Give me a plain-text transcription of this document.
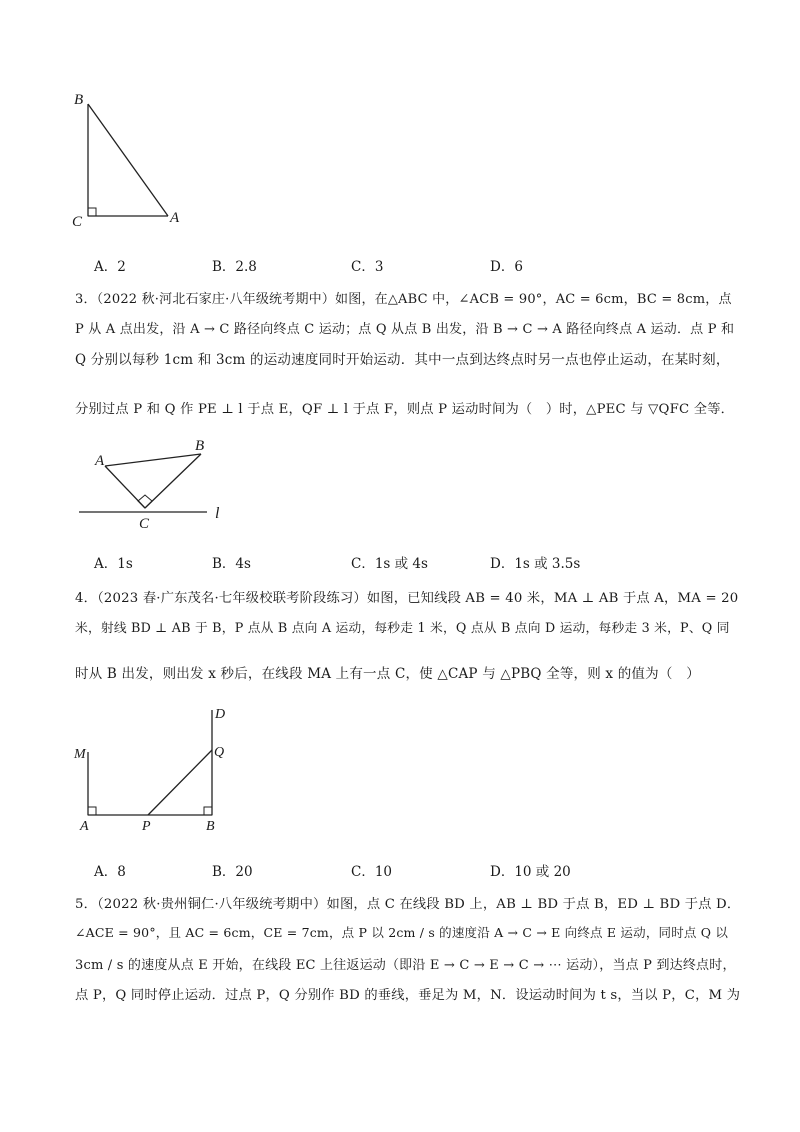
B
C	A
A．2	B．2.8	C．3	D．6
3．（2022 秋·河北石家庄·八年级统考期中）如图，在△ABC 中，∠ACB = 90°，AC = 6cm，BC = 8cm，点
P 从 A 点出发，沿 A → C 路径向终点 C 运动；点 Q 从点 B 出发，沿 B → C → A 路径向终点 A 运动．点 P 和
Q 分别以每秒 1cm 和 3cm 的运动速度同时开始运动．其中一点到达终点时另一点也停止运动，在某时刻，
分别过点 P 和 Q 作 PE ⊥ l 于点 E，QF ⊥ l 于点 F，则点 P 运动时间为（　）时，△PEC 与 ▽QFC 全等．
A
B
C
l
A．1s	B．4s	C．1s 或 4s	D．1s 或 3.5s
4．（2023 春·广东茂名·七年级校联考阶段练习）如图，已知线段 AB = 40 米，MA ⊥ AB 于点 A，MA = 20
米，射线 BD ⊥ AB 于 B，P 点从 B 点向 A 运动，每秒走 1 米，Q 点从 B 点向 D 运动，每秒走 3 米，P、Q 同
时从 B 出发，则出发 x 秒后，在线段 MA 上有一点 C，使 △CAP 与 △PBQ 全等，则 x 的值为（　）
D
M	Q
A	P	B
A．8	B．20	C．10	D．10 或 20
5．（2022 秋·贵州铜仁·八年级统考期中）如图，点 C 在线段 BD 上，AB ⊥ BD 于点 B，ED ⊥ BD 于点 D．
∠ACE = 90°，且 AC = 6cm，CE = 7cm，点 P 以 2cm / s 的速度沿 A → C → E 向终点 E 运动，同时点 Q 以
3cm / s 的速度从点 E 开始，在线段 EC 上往返运动（即沿 E → C → E → C → ⋯ 运动），当点 P 到达终点时，
点 P，Q 同时停止运动．过点 P，Q 分别作 BD 的垂线，垂足为 M，N．设运动时间为 t s，当以 P，C，M 为
